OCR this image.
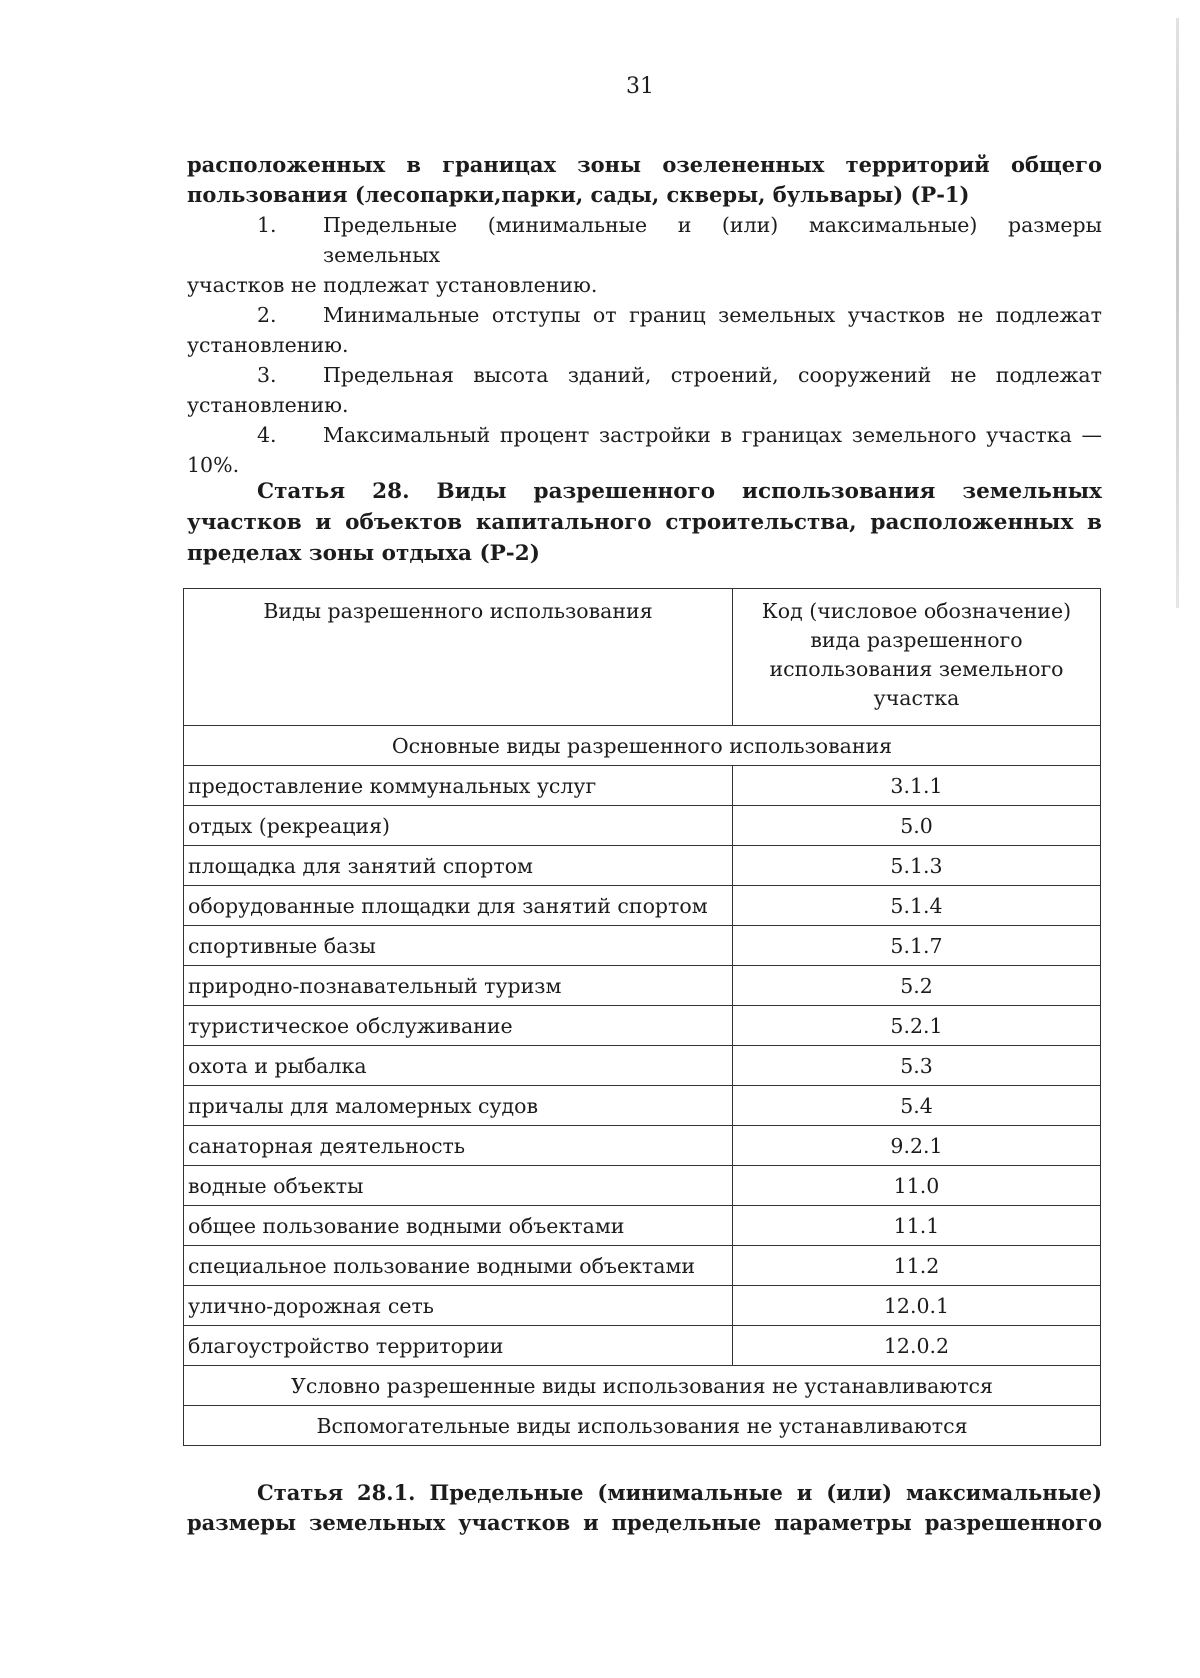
31

расположенных в границах зоны озелененных территорий общего

пользования (лесопарки,парки, сады, скверы, бульвары) (Р-1)

1.	Предельные (минимальные и (или) максимальные) размеры земельных
участков не подлежат установлению.
2.	Минимальные отступы от границ земельных участков не подлежат
установлению.
3.	Предельная высота зданий, строений, сооружений не подлежат
установлению.
4.	Максимальный процент застройки в границах земельного участка —
10%.

Статья 28. Виды разрешенного использования земельных участков и объектов капитального строительства, расположенных в пределах зоны отдыха (Р-2)

Виды разрешенного использования	Код (числовое обозначение) вида разрешенного использования земельного участка
Основные виды разрешенного использования	
предоставление коммунальных услуг	3.1.1
отдых (рекреация)	5.0
площадка для занятий спортом	5.1.3
оборудованные площадки для занятий спортом	5.1.4
спортивные базы	5.1.7
природно-познавательный туризм	5.2
туристическое обслуживание	5.2.1
охота и рыбалка	5.3
причалы для маломерных судов	5.4
санаторная деятельность	9.2.1
водные объекты	11.0
общее пользование водными объектами	11.1
специальное пользование водными объектами	11.2
улично-дорожная сеть	12.0.1
благоустройство территории	12.0.2
Условно разрешенные виды использования не устанавливаются	
Вспомогательные виды использования не устанавливаются	

Статья 28.1. Предельные (минимальные и (или) максимальные)

размеры земельных участков и предельные параметры разрешенного
